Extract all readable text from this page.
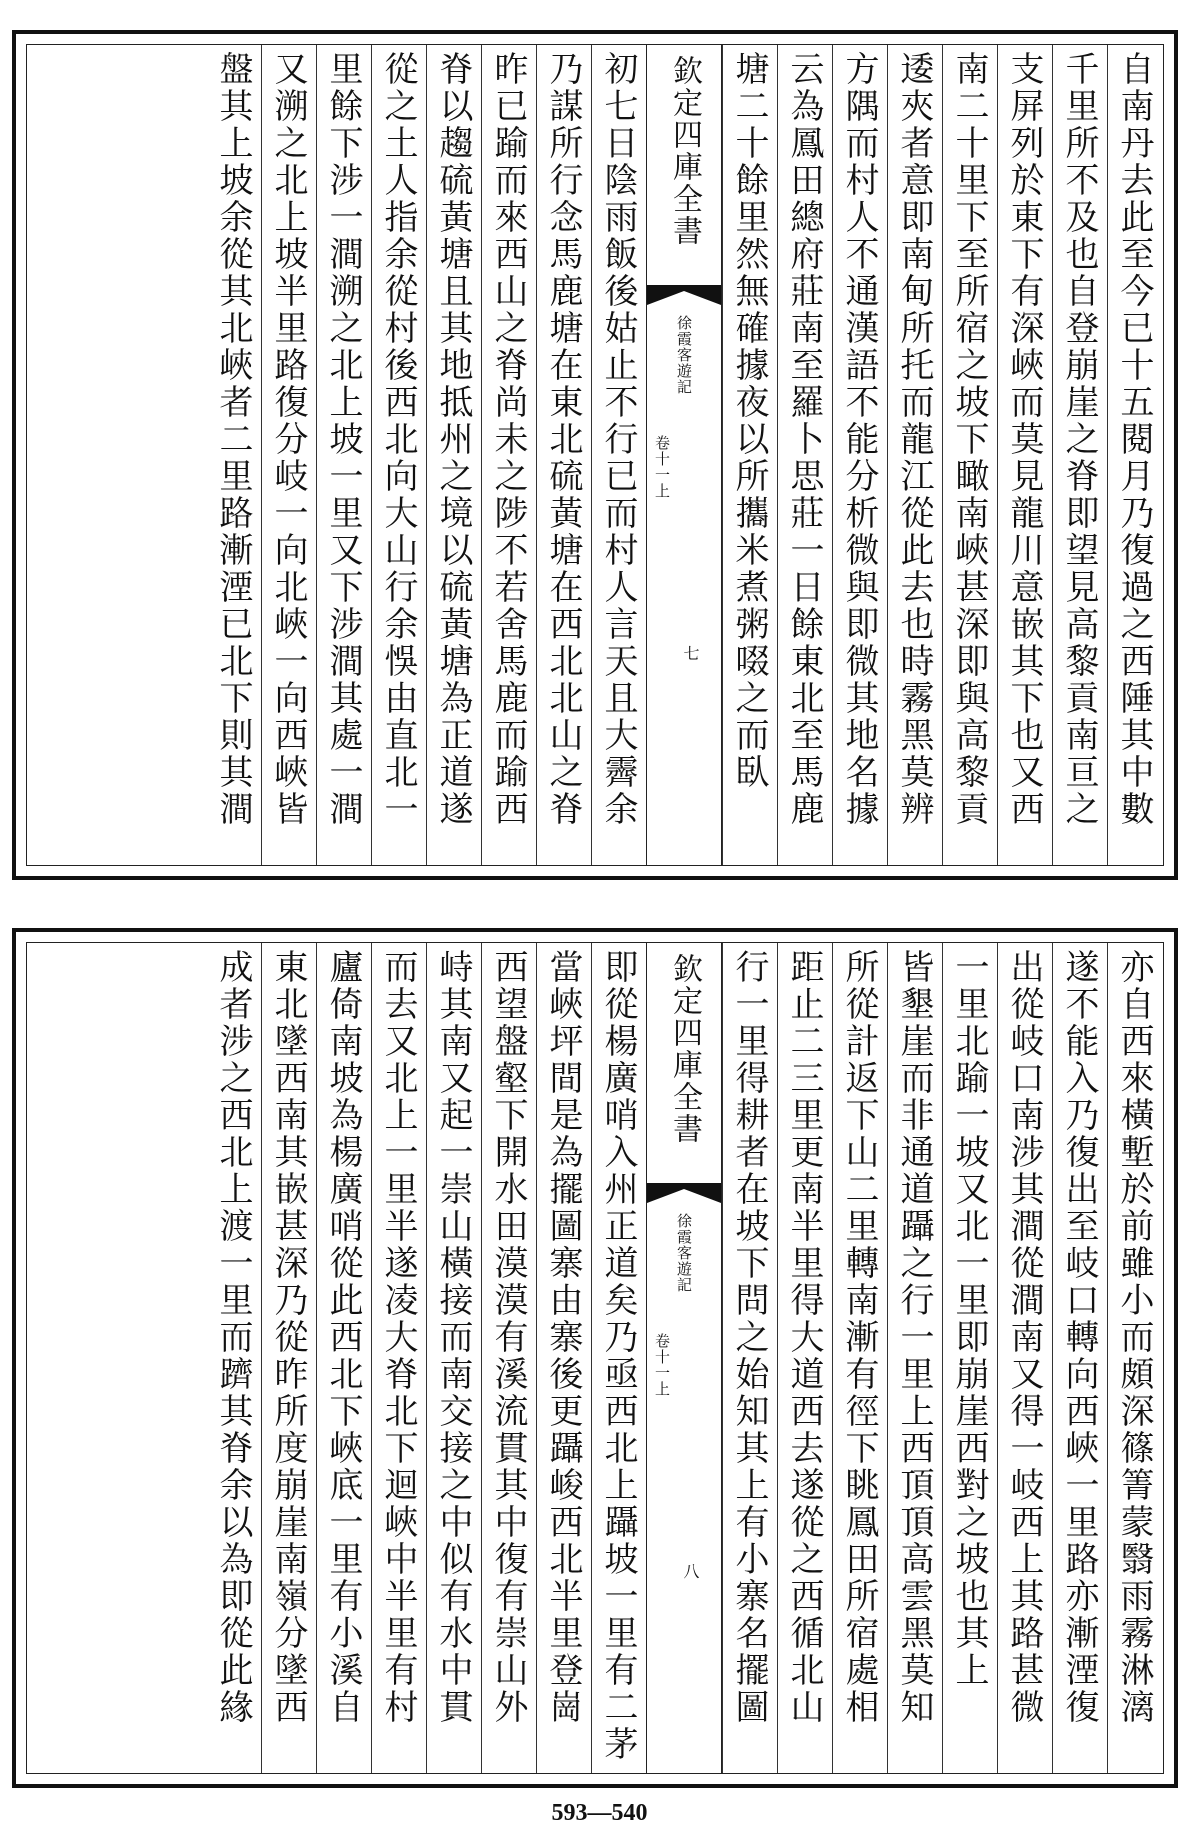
自南丹去此至今已十五閱月乃復過之西陲其中數
千里所不及也自登崩崖之脊即望見高黎貢南亘之
支屏列於東下有深峽而莫見龍川意嵌其下也又西
南二十里下至所宿之坡下瞰南峽甚深即與高黎貢
逶夾者意即南甸所托而龍江從此去也時霧黑莫辨
方隅而村人不通漢語不能分析微與即微其地名據
云為鳳田總府莊南至羅卜思莊一日餘東北至馬鹿
塘二十餘里然無確據夜以所攜米煮粥啜之而臥
欽定四庫全書
徐霞客遊記
卷十一上
七
初七日陰雨飯後姑止不行已而村人言天且大霽余
乃謀所行念馬鹿塘在東北硫黃塘在西北北山之脊
昨已踰而來西山之脊尚未之陟不若舍馬鹿而踰西
脊以趨硫黃塘且其地抵州之境以硫黃塘為正道遂
從之土人指余從村後西北向大山行余悞由直北一
里餘下涉一澗溯之北上坡一里又下涉澗其處一澗
又溯之北上坡半里路復分岐一向北峽一向西峽皆
盤其上坡余從其北峽者二里路漸湮已北下則其澗
亦自西來橫塹於前雖小而頗深篠箐蒙翳雨霧淋漓
遂不能入乃復出至岐口轉向西峽一里路亦漸湮復
出從岐口南涉其澗從澗南又得一岐西上其路甚微
一里北踰一坡又北一里即崩崖西對之坡也其上
皆墾崖而非通道躡之行一里上西頂頂高雲黑莫知
所從計返下山二里轉南漸有徑下眺鳳田所宿處相
距止二三里更南半里得大道西去遂從之西循北山
行一里得耕者在坡下問之始知其上有小寨名擺圖
欽定四庫全書
徐霞客遊記
卷十一上
八
即從楊廣哨入州正道矣乃亟西北上躡坡一里有二茅
當峽坪間是為擺圖寨由寨後更躡峻西北半里登崗
西望盤壑下開水田漠漠有溪流貫其中復有崇山外
峙其南又起一崇山橫接而南交接之中似有水中貫
而去又北上一里半遂凌大脊北下迴峽中半里有村
廬倚南坡為楊廣哨從此西北下峽底一里有小溪自
東北墜西南其嵌甚深乃從昨所度崩崖南嶺分墜西
成者涉之西北上渡一里而躋其脊余以為即從此緣
593—540
